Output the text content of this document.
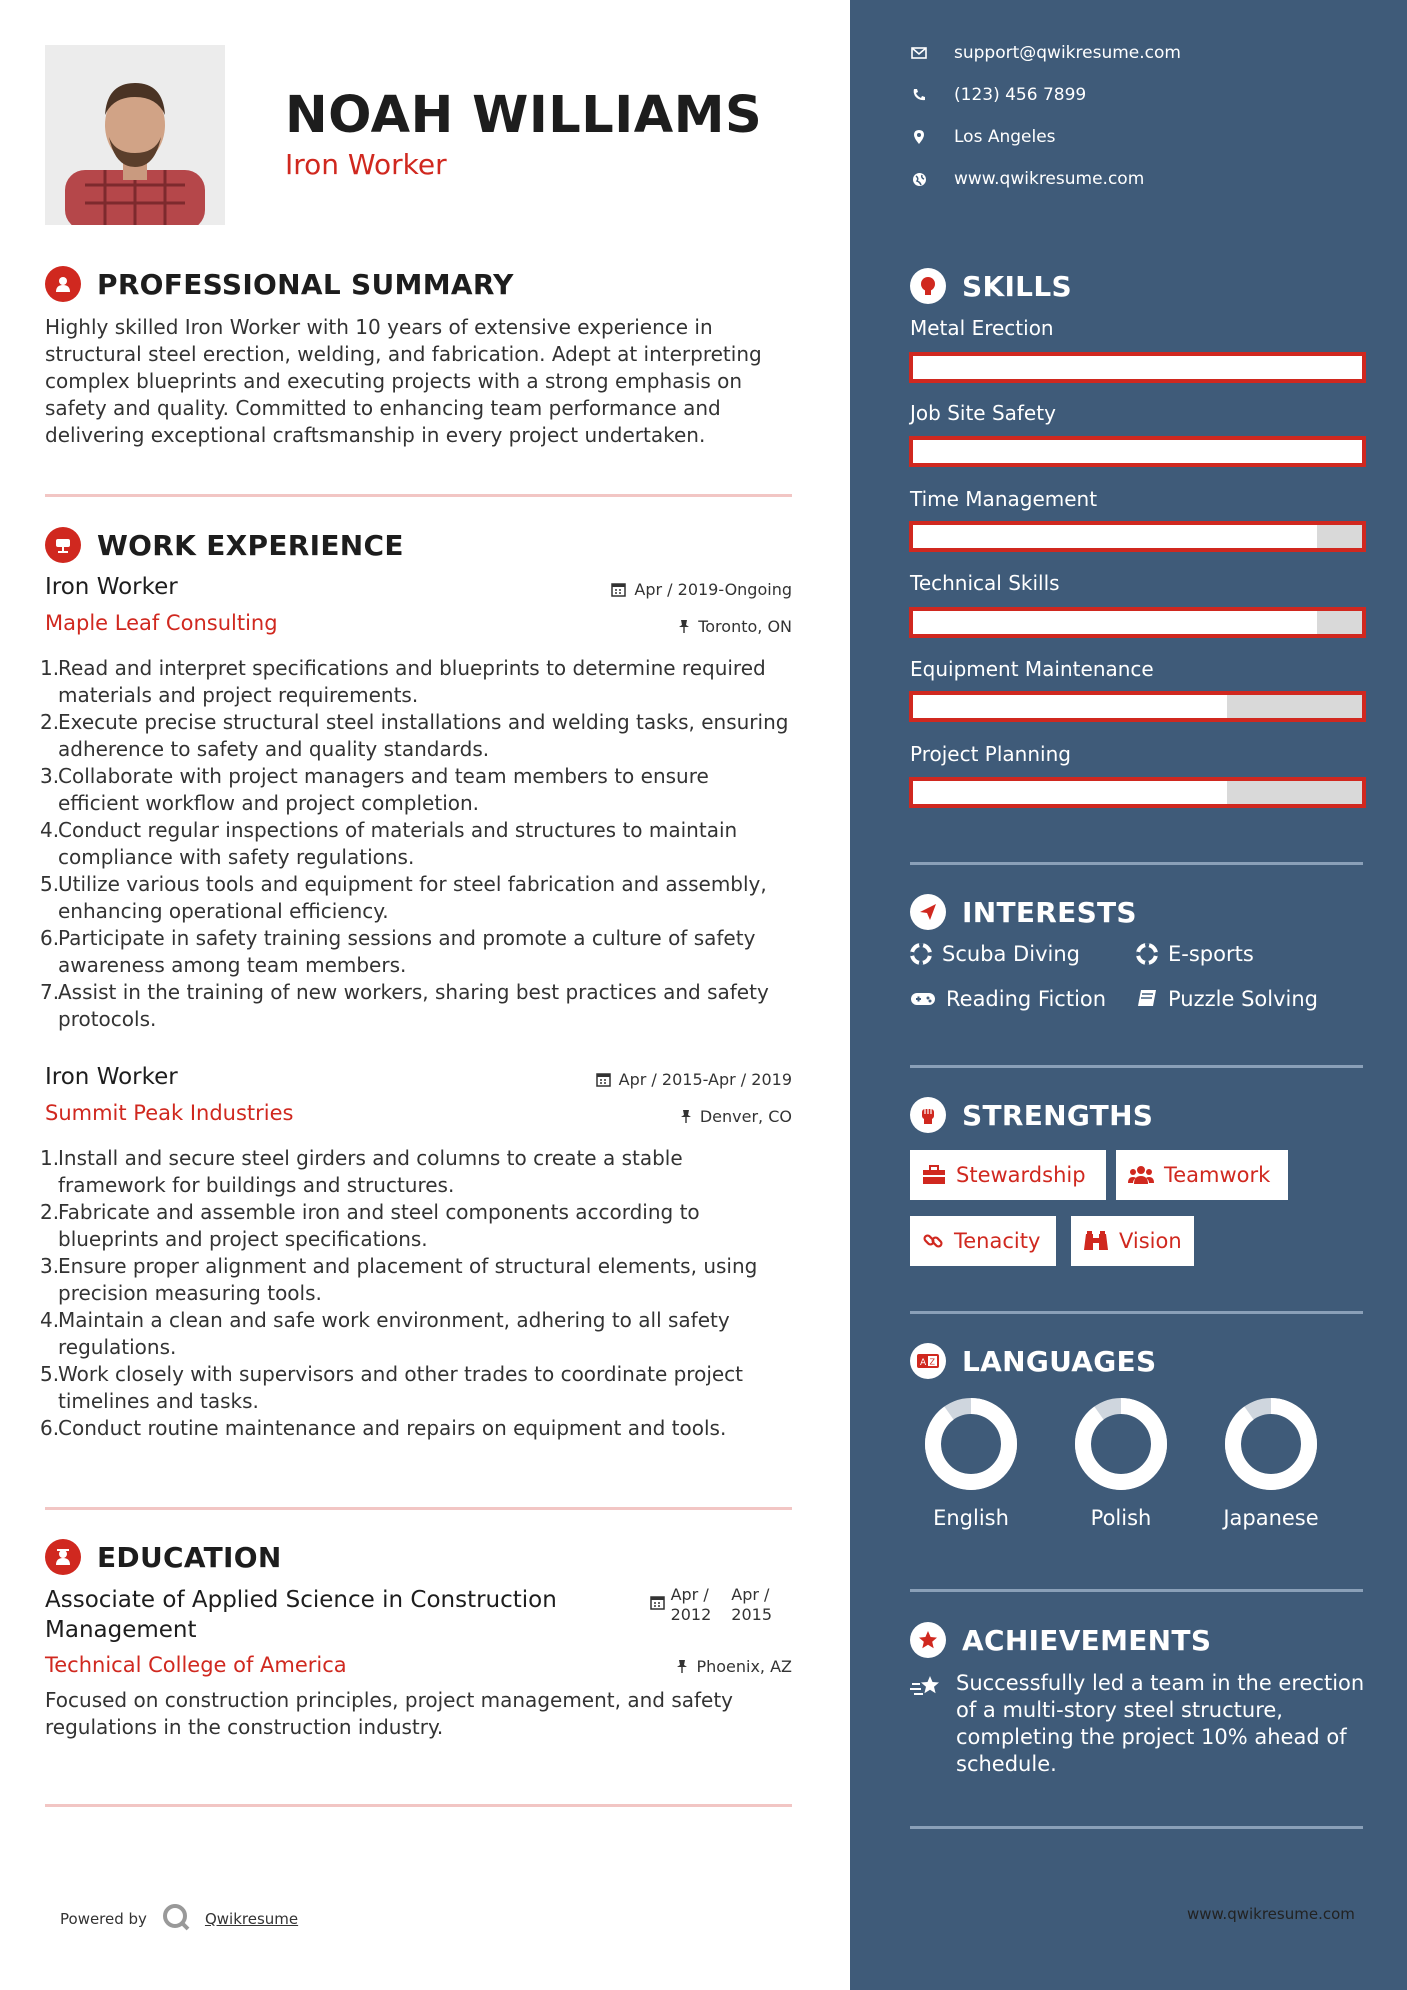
NOAH WILLIAMS
Iron Worker
PROFESSIONAL SUMMARY
Highly skilled Iron Worker with 10 years of extensive experience in structural steel erection, welding, and fabrication. Adept at interpreting complex blueprints and executing projects with a strong emphasis on safety and quality. Committed to enhancing team performance and delivering exceptional craftsmanship in every project undertaken.
WORK EXPERIENCE
Iron Worker	Apr / 2019-Ongoing
Maple Leaf Consulting	Toronto, ON
1.
Read and interpret specifications and blueprints to determine required materials and project requirements.
2.
Execute precise structural steel installations and welding tasks, ensuring adherence to safety and quality standards.
3.
Collaborate with project managers and team members to ensure efficient workflow and project completion.
4.
Conduct regular inspections of materials and structures to maintain compliance with safety regulations.
5.
Utilize various tools and equipment for steel fabrication and assembly, enhancing operational efficiency.
6.
Participate in safety training sessions and promote a culture of safety awareness among team members.
7.
Assist in the training of new workers, sharing best practices and safety protocols.
Iron Worker	Apr / 2015-Apr / 2019
Summit Peak Industries	Denver, CO
1.
Install and secure steel girders and columns to create a stable framework for buildings and structures.
2.
Fabricate and assemble iron and steel components according to blueprints and project specifications.
3.
Ensure proper alignment and placement of structural elements, using precision measuring tools.
4.
Maintain a clean and safe work environment, adhering to all safety regulations.
5.
Work closely with supervisors and other trades to coordinate project timelines and tasks.
6.
Conduct routine maintenance and repairs on equipment and tools.
EDUCATION
Associate of Applied Science in Construction Management
Apr /
2012
Apr /
2015
Technical College of America	Phoenix, AZ
Focused on construction principles, project management, and safety regulations in the construction industry.
Powered by	Qwikresume
support@qwikresume.com
(123) 456 7899
Los Angeles
www.qwikresume.com
SKILLS
Metal Erection
Job Site Safety
Time Management
Technical Skills
Equipment Maintenance
Project Planning
INTERESTS
Scuba Diving	E-sports
Reading Fiction	Puzzle Solving
STRENGTHS
Stewardship	Teamwork
Tenacity	Vision
A Z LANGUAGES
English	Polish	Japanese
ACHIEVEMENTS
Successfully led a team in the erection of a multi-story steel structure, completing the project 10% ahead of schedule.
www.qwikresume.com
